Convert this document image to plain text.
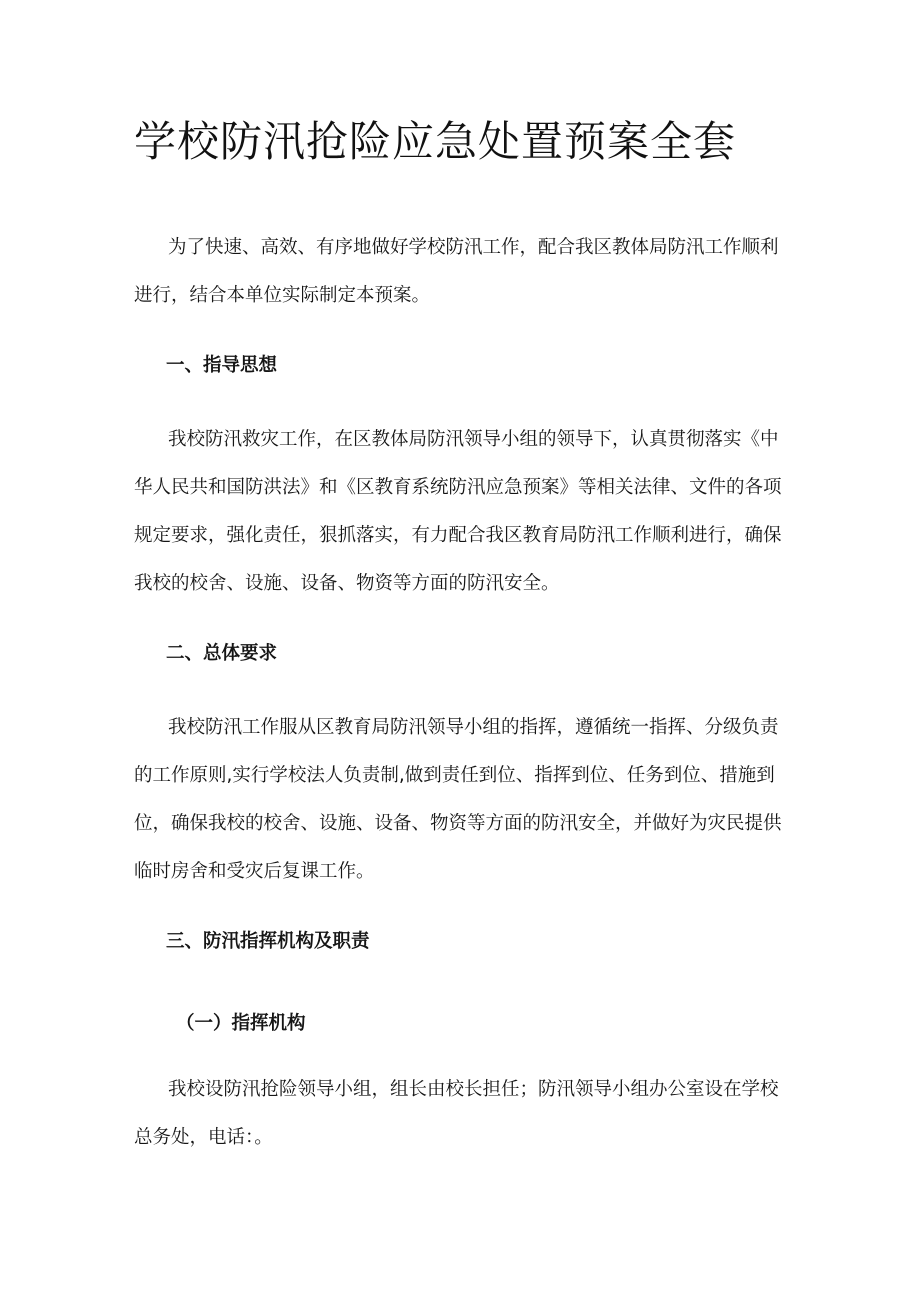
学校防汛抢险应急处置预案全套

为了快速、高效、有序地做好学校防汛工作，配合我区教体局防汛工作顺利进行，结合本单位实际制定本预案。

一、指导思想

我校防汛救灾工作，在区教体局防汛领导小组的领导下，认真贯彻落实《中华人民共和国防洪法》和《区教育系统防汛应急预案》等相关法律、文件的各项规定要求，强化责任，狠抓落实，有力配合我区教育局防汛工作顺利进行，确保我校的校舍、设施、设备、物资等方面的防汛安全。

二、总体要求

我校防汛工作服从区教育局防汛领导小组的指挥，遵循统一指挥、分级负责的工作原则,实行学校法人负责制,做到责任到位、指挥到位、任务到位、措施到位，确保我校的校舍、设施、设备、物资等方面的防汛安全，并做好为灾民提供临时房舍和受灾后复课工作。

三、防汛指挥机构及职责
（一）指挥机构

我校设防汛抢险领导小组，组长由校长担任；防汛领导小组办公室设在学校总务处，电话：。
